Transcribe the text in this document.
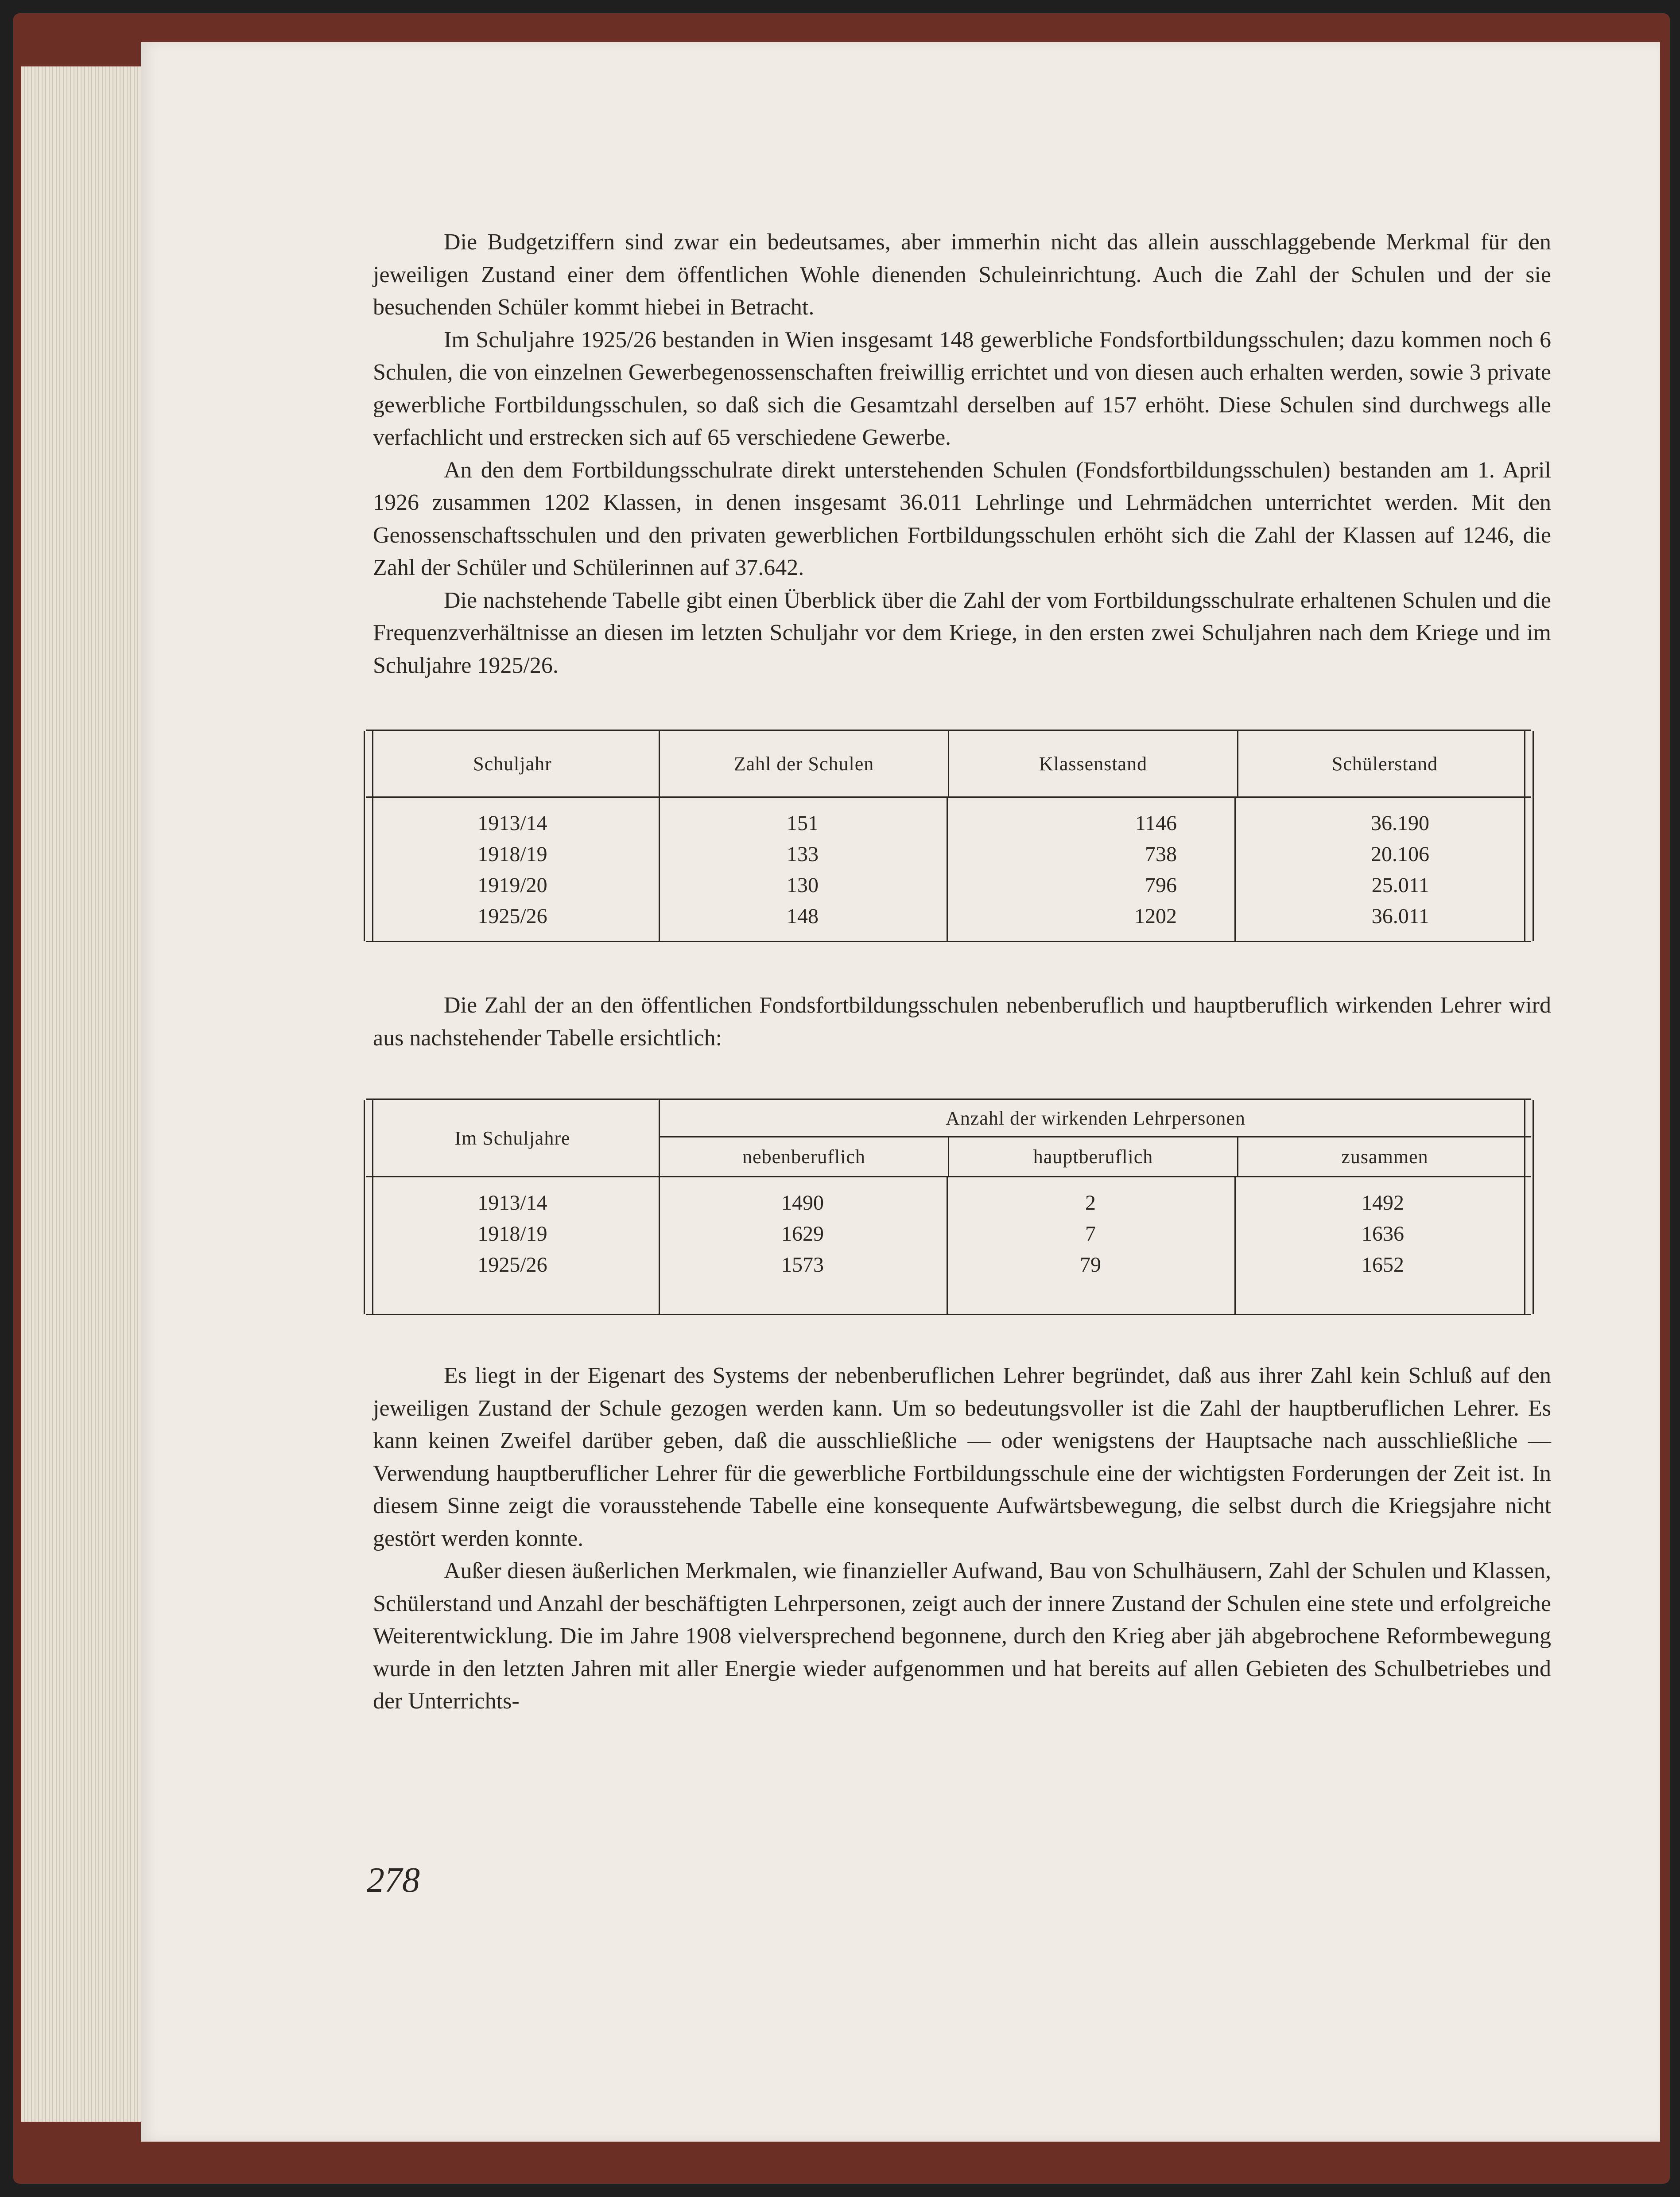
Die Budgetziffern sind zwar ein bedeutsames, aber immerhin nicht das allein ausschlaggebende Merkmal für den jeweiligen Zustand einer dem öffentlichen Wohle dienenden Schuleinrichtung. Auch die Zahl der Schulen und der sie besuchenden Schüler kommt hiebei in Betracht.

Im Schuljahre 1925/26 bestanden in Wien insgesamt 148 gewerbliche Fondsfortbildungsschulen; dazu kommen noch 6 Schulen, die von einzelnen Gewerbegenossenschaften freiwillig errichtet und von diesen auch erhalten werden, sowie 3 private gewerbliche Fortbildungsschulen, so daß sich die Gesamtzahl derselben auf 157 erhöht. Diese Schulen sind durchwegs alle verfachlicht und erstrecken sich auf 65 verschiedene Gewerbe.

An den dem Fortbildungsschulrate direkt unterstehenden Schulen (Fondsfortbildungsschulen) bestanden am 1. April 1926 zusammen 1202 Klassen, in denen insgesamt 36.011 Lehrlinge und Lehrmädchen unterrichtet werden. Mit den Genossenschaftsschulen und den privaten gewerblichen Fortbildungsschulen erhöht sich die Zahl der Klassen auf 1246, die Zahl der Schüler und Schülerinnen auf 37.642.

Die nachstehende Tabelle gibt einen Überblick über die Zahl der vom Fortbildungsschulrate erhaltenen Schulen und die Frequenzverhältnisse an diesen im letzten Schuljahr vor dem Kriege, in den ersten zwei Schuljahren nach dem Kriege und im Schuljahre 1925/26.

Schuljahr	Zahl der Schulen	Klassenstand	Schülerstand
1913/14	151	1146	36.190
1918/19	133	738	20.106
1919/20	130	796	25.011
1925/26	148	1202	36.011

Die Zahl der an den öffentlichen Fondsfortbildungsschulen nebenberuflich und hauptberuflich wirkenden Lehrer wird aus nachstehender Tabelle ersichtlich:

Im Schuljahre
Anzahl der wirkenden Lehrpersonen
nebenberuflich	hauptberuflich	zusammen
1913/14	1490	2	1492
1918/19	1629	7	1636
1925/26	1573	79	1652

Es liegt in der Eigenart des Systems der nebenberuflichen Lehrer begründet, daß aus ihrer Zahl kein Schluß auf den jeweiligen Zustand der Schule gezogen werden kann. Um so bedeutungsvoller ist die Zahl der hauptberuflichen Lehrer. Es kann keinen Zweifel darüber geben, daß die ausschließliche — oder wenigstens der Hauptsache nach ausschließliche — Verwendung hauptberuflicher Lehrer für die gewerbliche Fortbildungsschule eine der wichtigsten Forderungen der Zeit ist. In diesem Sinne zeigt die vorausstehende Tabelle eine konsequente Aufwärtsbewegung, die selbst durch die Kriegsjahre nicht gestört werden konnte.

Außer diesen äußerlichen Merkmalen, wie finanzieller Aufwand, Bau von Schulhäusern, Zahl der Schulen und Klassen, Schülerstand und Anzahl der beschäftigten Lehrpersonen, zeigt auch der innere Zustand der Schulen eine stete und erfolgreiche Weiterentwicklung. Die im Jahre 1908 vielversprechend begonnene, durch den Krieg aber jäh abgebrochene Reformbewegung wurde in den letzten Jahren mit aller Energie wieder aufgenommen und hat bereits auf allen Gebieten des Schulbetriebes und der Unterrichts-

278
